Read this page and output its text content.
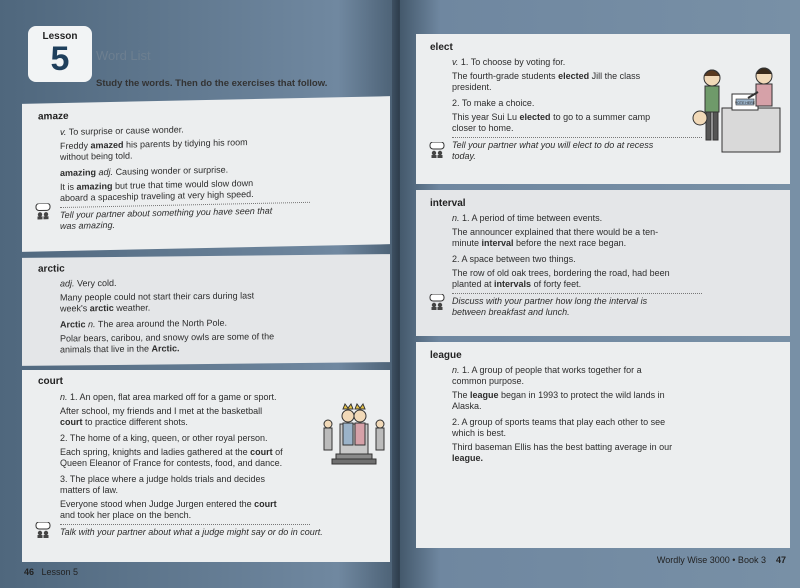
Lesson
5	Word List
Study the words. Then do the exercises that follow.
amaze
v. To surprise or cause wonder.
Freddy amazed his parents by tidying his room
without being told.
amazing adj. Causing wonder or surprise.
It is amazing but true that time would slow down
aboard a spaceship traveling at very high speed.
Tell your partner about something you have seen that
was amazing.
arctic
adj. Very cold.
Many people could not start their cars during last
week's arctic weather.
Arctic n. The area around the North Pole.
Polar bears, caribou, and snowy owls are some of the
animals that live in the Arctic.
court
n. 1. An open, flat area marked off for a game or sport.
After school, my friends and I met at the basketball
court to practice different shots.
2. The home of a king, queen, or other royal person.
Each spring, knights and ladies gathered at the court of
Queen Eleanor of France for contests, food, and dance.
3. The place where a judge holds trials and decides
matters of law.
Everyone stood when Judge Jurgen entered the court
and took her place on the bench.
Talk with your partner about what a judge might say or do in court.
46 Lesson 5
elect
v. 1. To choose by voting for.
The fourth-grade students elected Jill the class
president.
2. To make a choice.
This year Sui Lu elected to go to a summer camp
closer to home.
Tell your partner what you will elect to do at recess
today.
VOTE HERE
interval
n. 1. A period of time between events.
The announcer explained that there would be a ten-
minute interval before the next race began.
2. A space between two things.
The row of old oak trees, bordering the road, had been
planted at intervals of forty feet.
Discuss with your partner how long the interval is
between breakfast and lunch.
league
n. 1. A group of people that works together for a
common purpose.
The league began in 1993 to protect the wild lands in
Alaska.
2. A group of sports teams that play each other to see
which is best.
Third baseman Ellis has the best batting average in our
league.
Wordly Wise 3000 • Book 3 47
